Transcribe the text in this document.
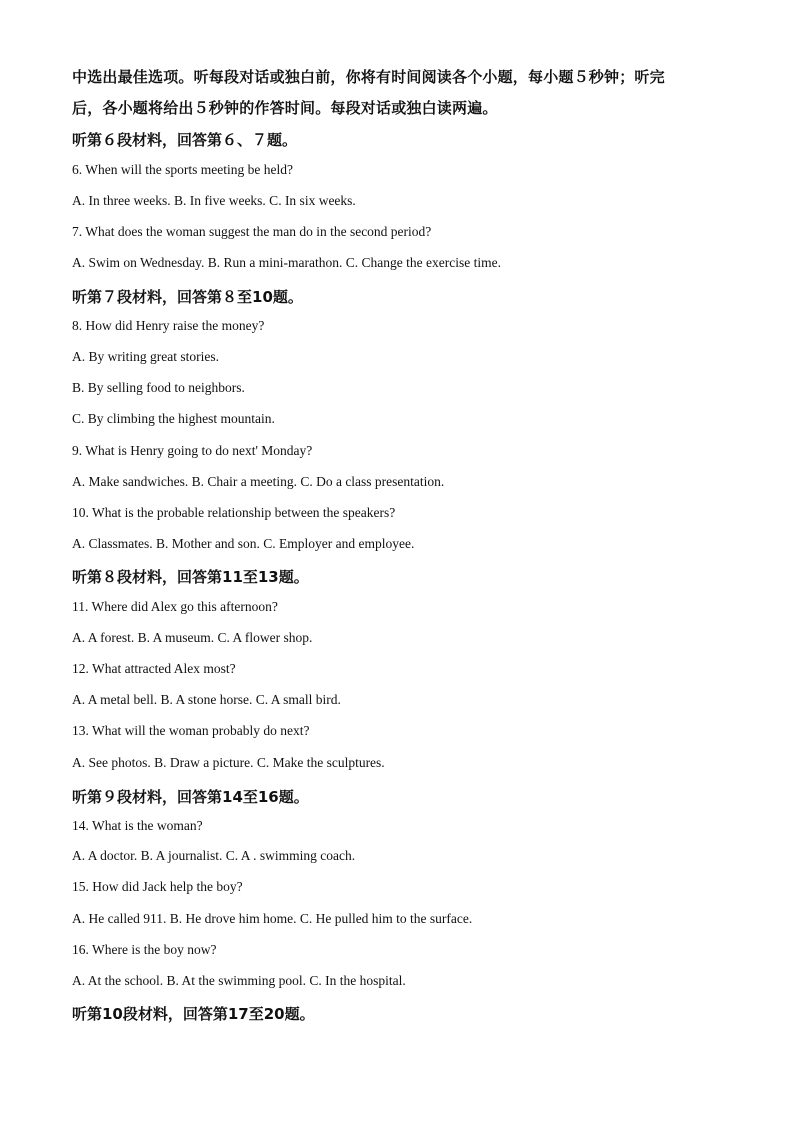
中选出最佳选项。听每段对话或独白前，你将有时间阅读各个小题，每小题５秒钟；听完
后，各小题将给出５秒钟的作答时间。每段对话或独白读两遍。
听第６段材料，回答第６、７题。
6. When will the sports meeting be held?
A. In three weeks. B. In five weeks. C. In six weeks.
7. What does the woman suggest the man do in the second period?
A. Swim on Wednesday. B. Run a mini-marathon. C. Change the exercise time.
听第７段材料，回答第８至10题。
8. How did Henry raise the money?
A. By writing great stories.
B. By selling food to neighbors.
C. By climbing the highest mountain.
9. What is Henry going to do next' Monday?
A. Make sandwiches. B. Chair a meeting. C. Do a class presentation.
10. What is the probable relationship between the speakers?
A. Classmates. B. Mother and son. C. Employer and employee.
听第８段材料，回答第11至13题。
11. Where did Alex go this afternoon?
A. A forest. B. A museum. C. A flower shop.
12. What attracted Alex most?
A. A metal bell. B. A stone horse. C. A small bird.
13. What will the woman probably do next?
A. See photos. B. Draw a picture. C. Make the sculptures.
听第９段材料，回答第14至16题。
14. What is the woman?
A. A doctor. B. A journalist. C. A . swimming coach.
15. How did Jack help the boy?
A. He called 911. B. He drove him home. C. He pulled him to the surface.
16. Where is the boy now?
A. At the school. B. At the swimming pool. C. In the hospital.
听第10段材料，回答第17至20题。
